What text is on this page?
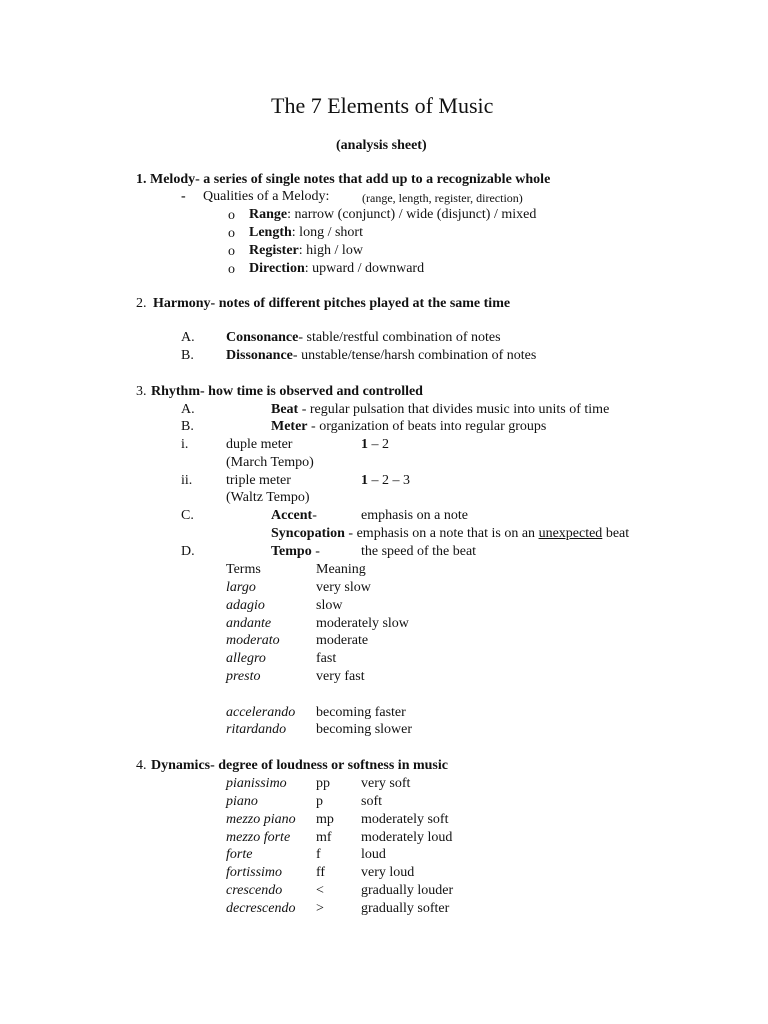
The 7 Elements of Music
(analysis sheet)
1. Melody- a series of single notes that add up to a recognizable whole
- Qualities of a Melody:	(range, length, register, direction)
o Range: narrow (conjunct) / wide (disjunct) / mixed
o Length: long / short
o Register: high / low
o Direction: upward / downward
2. Harmony- notes of different pitches played at the same time
A. Consonance- stable/restful combination of notes
B. Dissonance- unstable/tense/harsh combination of notes
3. Rhythm- how time is observed and controlled
A.	Beat - regular pulsation that divides music into units of time
B.	Meter - organization of beats into regular groups
i.	duple meter	1 – 2
(March Tempo)
ii. triple meter	1 – 2 – 3
(Waltz Tempo)
C.	Accent-	emphasis on a note
Syncopation - emphasis on a note that is on an unexpected beat
D.	Tempo -	the speed of the beat
Terms	Meaning
largo	very slow
adagio	slow
andante	moderately slow
moderato	moderate
allegro	fast
presto	very fast
accelerando becoming faster
ritardando becoming slower
4. Dynamics- degree of loudness or softness in music
pianissimo pp very soft
piano	p	soft
mezzo piano mp moderately soft
mezzo forte mf moderately loud
forte	f	loud
fortissimo ff	very loud
crescendo <	gradually louder
decrescendo >	gradually softer
